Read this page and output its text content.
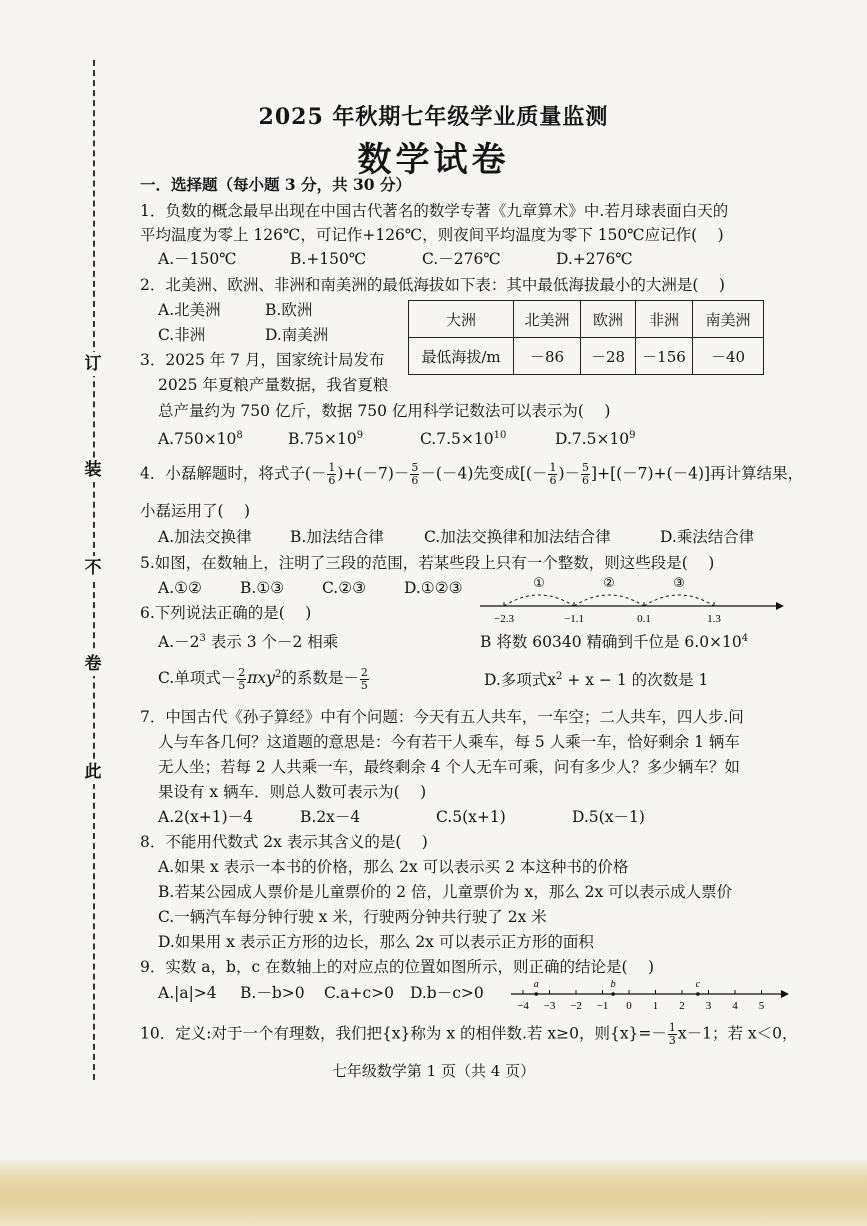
订
装
不
卷
此
2025 年秋期七年级学业质量监测
数学试卷
一．选择题（每小题 3 分，共 30 分）
1．负数的概念最早出现在中国古代著名的数学专著《九章算术》中.若月球表面白天的
平均温度为零上 126℃，可记作+126℃，则夜间平均温度为零下 150℃应记作(　 )
A.－150℃	B.+150℃	C.－276℃	D.+276℃
2．北美洲、欧洲、非洲和南美洲的最低海拔如下表：其中最低海拔最小的大洲是(　 )
A.北美洲	B.欧洲
C.非洲	D.南美洲
大洲	北美洲	欧洲	非洲	南美洲
最低海拔/m	－86	－28	－156	－40
3．2025 年 7 月，国家统计局发布
2025 年夏粮产量数据，我省夏粮
总产量约为 750 亿斤，数据 750 亿用科学记数法可以表示为(　 )
$A.750\times 10^8$	$B.75\times 10^9$	$C.7.5\times 10^{10}$	$D.7.5\times 10^9$
4．小磊解题时，将式子(－ $\frac{1}{6} )+(-7)- \frac{5}{6} -(-4)$先变成[(－ $\frac{1}{6}$ )－ $\frac{5}{6} ]+[(-7)+(-4)]$再计算结果，
小磊运用了(　 )
A.加法交换律 B.加法结合律	C.加法交换律和加法结合律	D.乘法结合律
5.如图，在数轴上，注明了三段的范围，若某些段上只有一个整数，则这些段是(　 )
A.①② B.①③ C.②③ D.①②③	①	②	③
−2.3	−1.1	0.1	1.3
6.下列说法正确的是(　 )
$A.-2^3$ 表示 3 个－2 相乘	B 将数 60340 精确到千位是 $6.0\times 10^4$
C.单项式－ $\frac{2}{5} \pi xy^2$的系数是－ $\frac{2}{5}$	D.多项式$x^2 + x - 1$ 的次数是 1
7．中国古代《孙子算经》中有个问题：今天有五人共车，一车空；二人共车，四人步.问
人与车各几何？这道题的意思是：今有若干人乘车，每 5 人乘一车，恰好剩余 1 辆车
无人坐；若每 2 人共乘一车，最终剩余 4 个人无车可乘，问有多少人？多少辆车？如
果设有 x 辆车．则总人数可表示为(　 )
A.2(x+1)－4	B.2x－4	C.5(x+1)	D.5(x－1)
8．不能用代数式 2x 表示其含义的是(　 )
A.如果 x 表示一本书的价格，那么 2x 可以表示买 2 本这种书的价格
B.若某公园成人票价是儿童票价的 2 倍，儿童票价为 x，那么 2x 可以表示成人票价
C.一辆汽车每分钟行驶 x 米，行驶两分钟共行驶了 2x 米
D.如果用 x 表示正方形的边长，那么 2x 可以表示正方形的面积
9．实数 a，b，c 在数轴上的对应点的位置如图所示，则正确的结论是(　 )
A.|a|>4 B.－b>0 C.a+c>0 D.b－c>0
−4 −3 −2 −1 0 1 2 3 4 5
a	b	c
10．定义:对于一个有理数，我们把{x}称为 x 的相伴数.若 x≥0，则$\{x\}=- \frac{1}{3} x-1$；若 x＜0，
七年级数学第 1 页（共 4 页）
